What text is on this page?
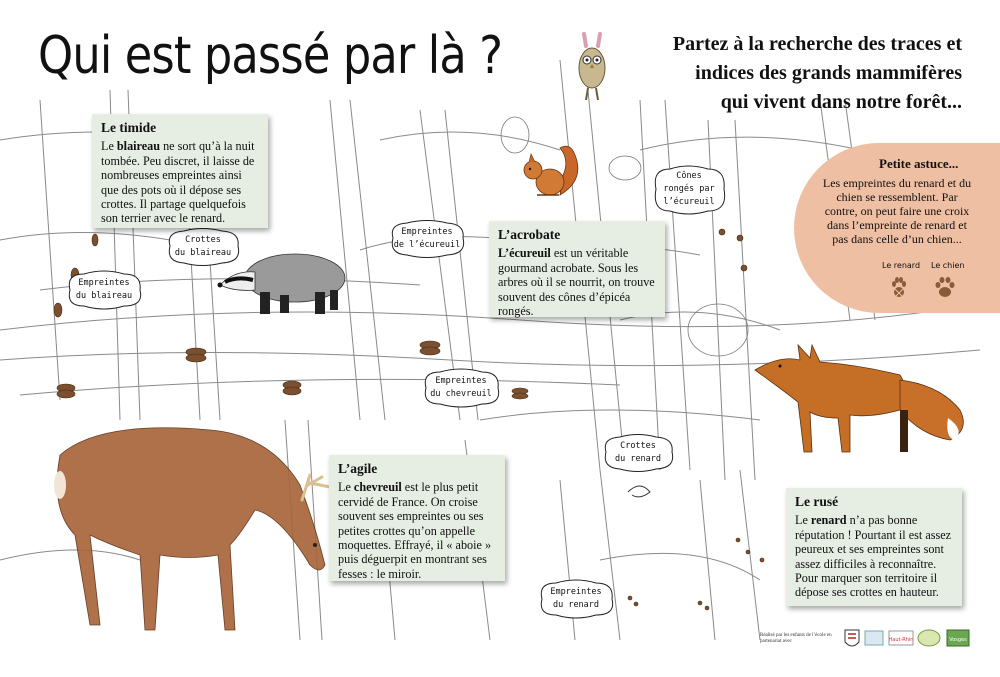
Qui est passé par là ?	Partez à la recherche des traces et
indices des grands mammifères
qui vivent dans notre forêt...
Crottes
du blaireau
Empreintes
du blaireau
Empreintes
de l’écureuil
Cônes
rongés par
l’écureuil
Empreintes
du chevreuil
Crottes
du renard
Empreintes
du renard
Le timide

Le blaireau ne sort qu’à la nuit tombée. Peu discret, il laisse de nombreuses empreintes ainsi que des pots où il dépose ses crottes. Il partage quelquefois son terrier avec le renard.

L’acrobate

L’écureuil est un véritable gourmand acrobate. Sous les arbres où il se nourrit, on trouve souvent des cônes d’épicéa rongés.

L’agile

Le chevreuil est le plus petit cervidé de France. On croise souvent ses empreintes ou ses petites crottes qu’on appelle moquettes. Effrayé, il « aboie » puis déguerpit en montrant ses fesses : le miroir.

Le rusé

Le renard n’a pas bonne réputation ! Pourtant il est assez peureux et ses empreintes sont assez difficiles à reconnaître. Pour marquer son territoire il dépose ses crottes en hauteur.

Petite astuce...

Les empreintes du renard et du chien se ressemblent. Par contre, on peut faire une croix dans l’empreinte de renard et pas dans celle d’un chien...

Le renard Le chien
Réalisé par les enfants de l’école en partenariat avec	Haut-Rhin	Vosges
